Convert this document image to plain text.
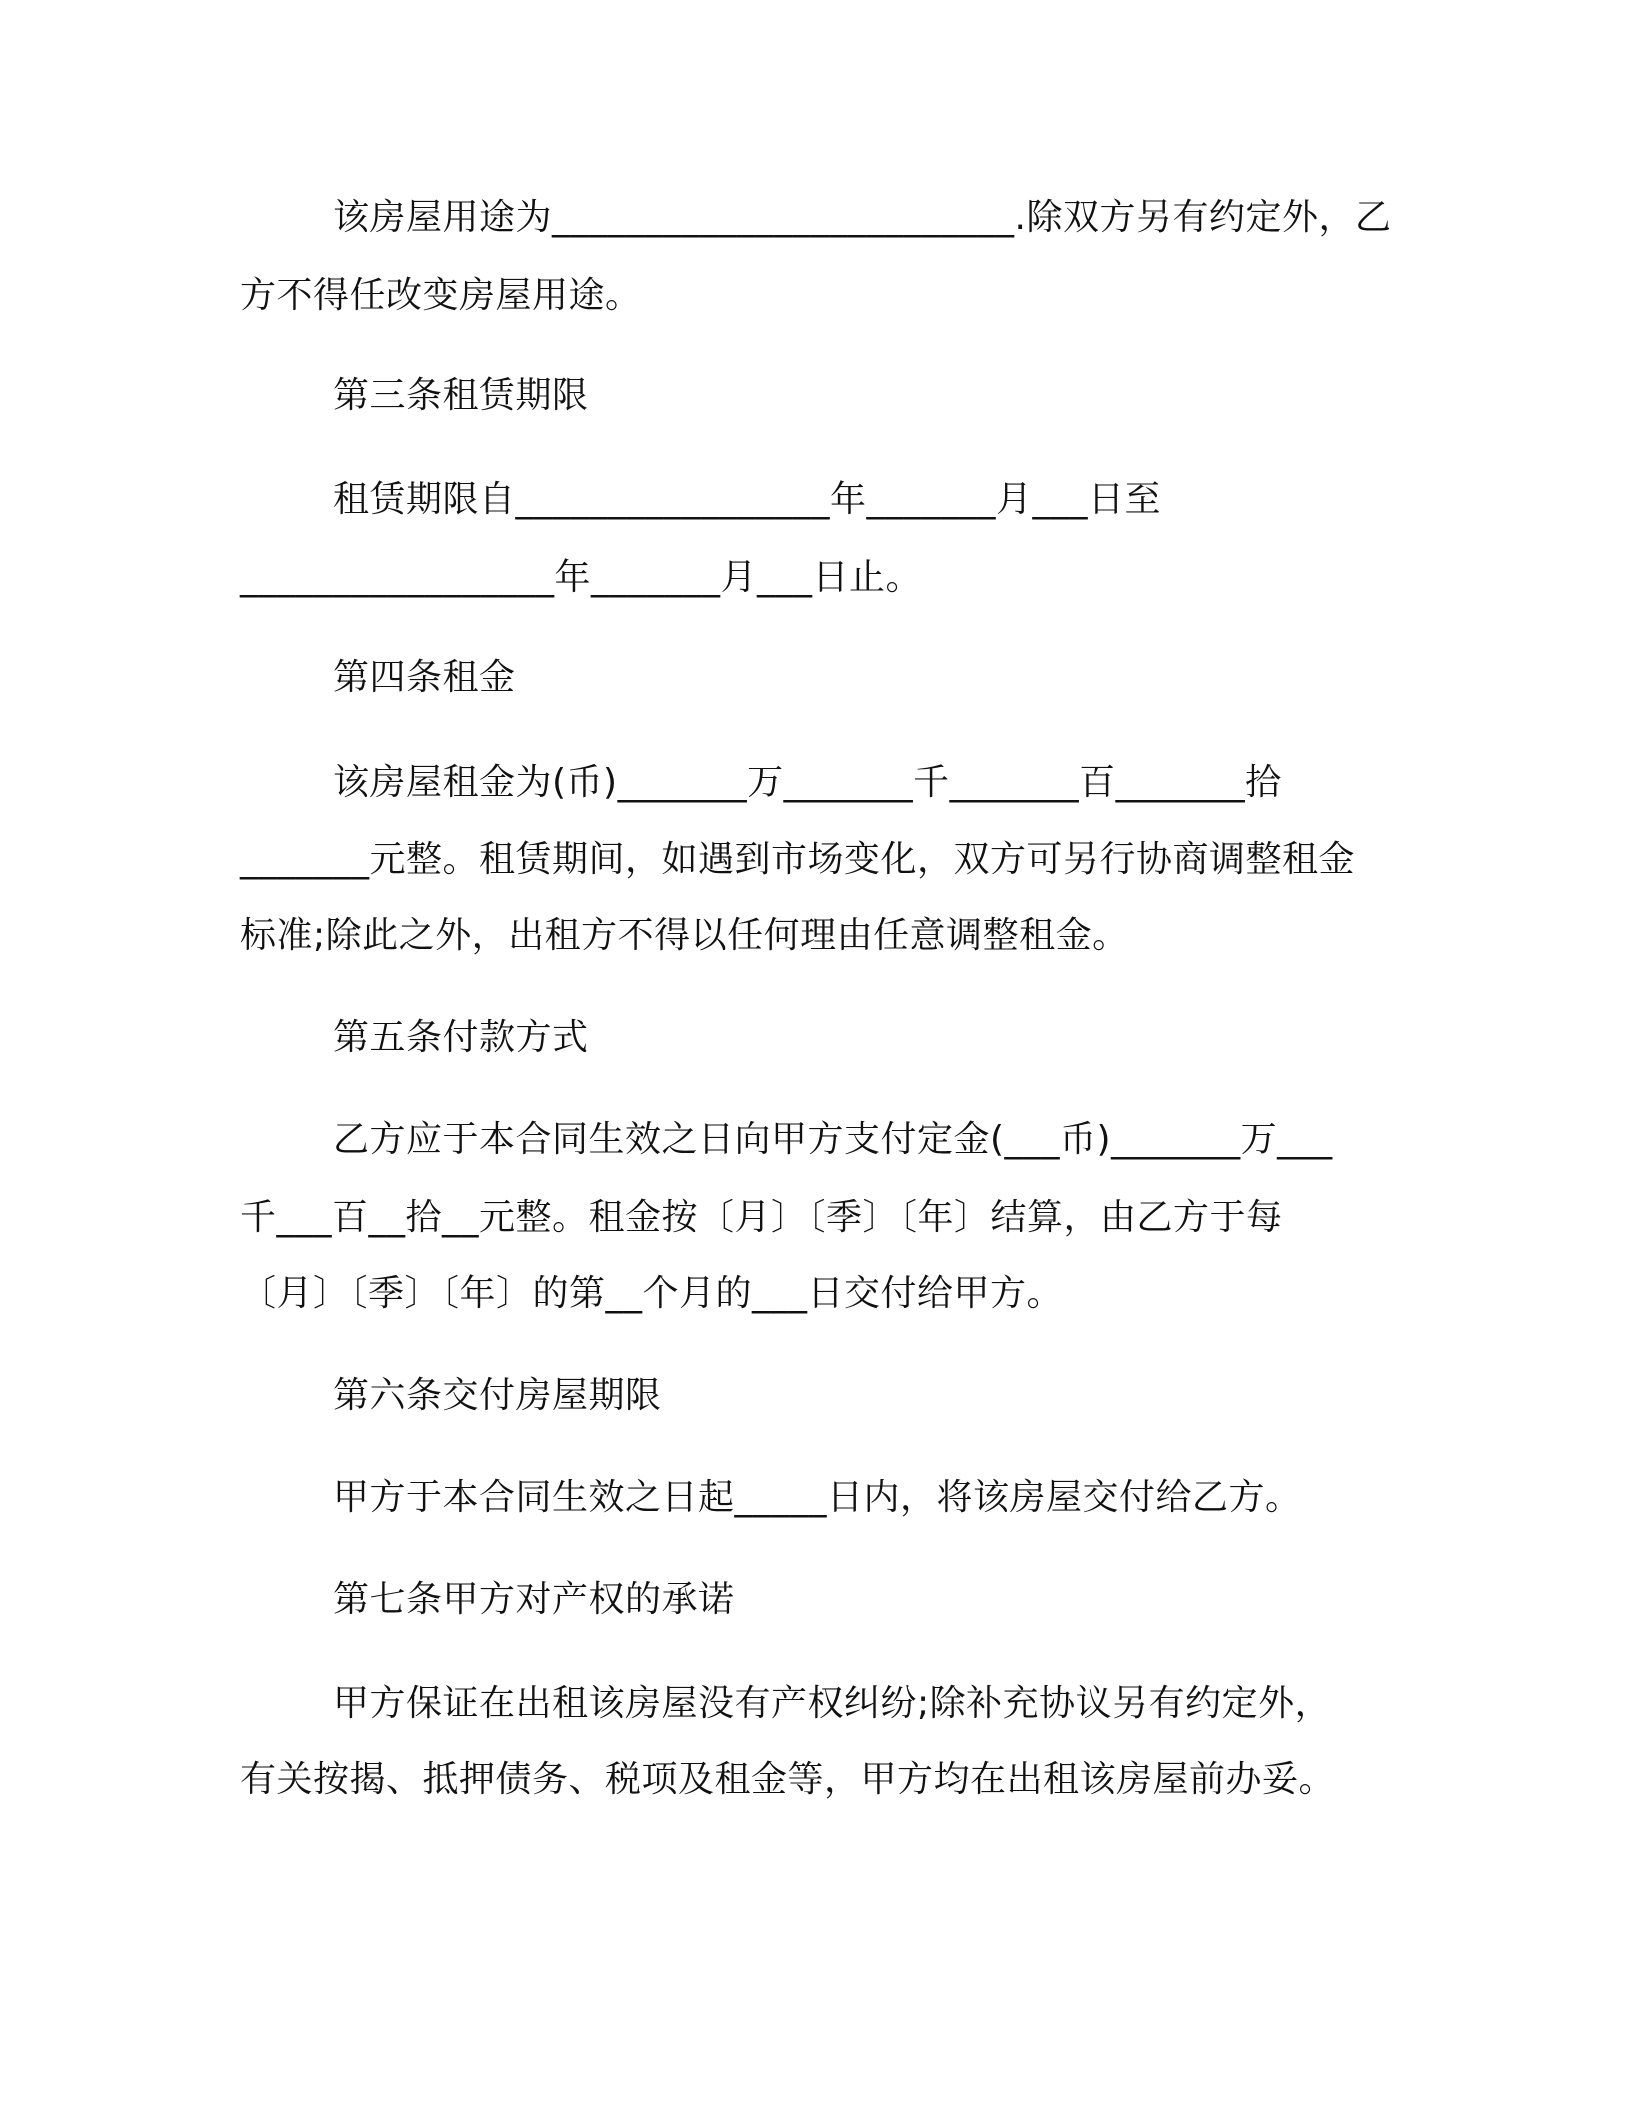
该房屋用途为_________________________.除双方另有约定外，乙
方不得任改变房屋用途。
第三条租赁期限
租赁期限自_________________年_______月___日至
_________________年_______月___日止。
第四条租金
该房屋租金为(币)_______万_______千_______百_______拾
_______元整。租赁期间，如遇到市场变化，双方可另行协商调整租金
标准;除此之外，出租方不得以任何理由任意调整租金。
第五条付款方式
乙方应于本合同生效之日向甲方支付定金(___币)_______万___
千___百__拾__元整。租金按〔月〕〔季〕〔年〕结算，由乙方于每
〔月〕〔季〕〔年〕的第__个月的___日交付给甲方。
第六条交付房屋期限
甲方于本合同生效之日起_____日内，将该房屋交付给乙方。
第七条甲方对产权的承诺
甲方保证在出租该房屋没有产权纠纷;除补充协议另有约定外，
有关按揭、抵押债务、税项及租金等，甲方均在出租该房屋前办妥。
